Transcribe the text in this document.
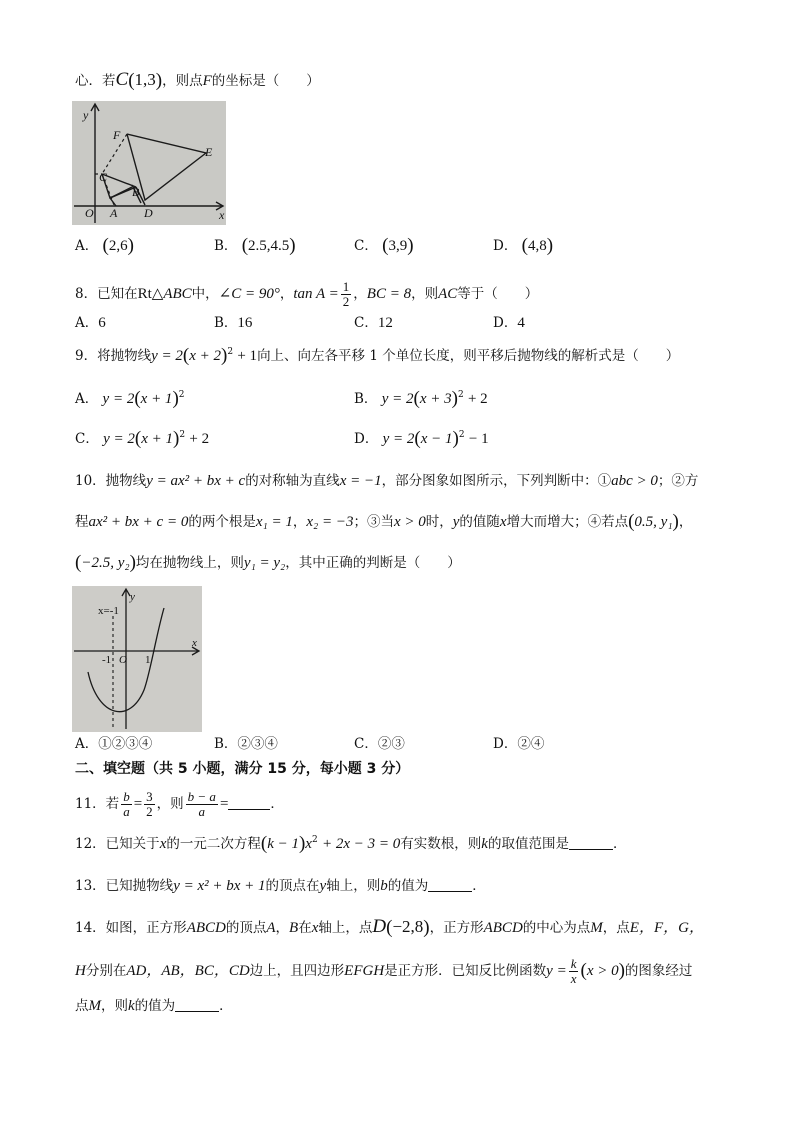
心．若C(1,3)，则点F的坐标是（　　）
y
x
O A
B
C
D
E
F
A． (2,6)	B． (2.5,4.5)	C． (3,9)	D． (4,8)
8．已知在Rt△ABC中，∠C = 90°，$\tan A = \frac{1}{2}$ ，BC = 8，则AC等于（　　）
A．6	B．16	C．12	D．4
9．将抛物线$y = 2(x + 2)^2 + 1$向上、向左各平移 1 个单位长度，则平移后抛物线的解析式是（　　）
A． $y = 2(x + 1)^2$	B． $y = 2(x + 3)^2 + 2$
C． $y = 2(x + 1)^2 + 2$	D． $y = 2(x - 1)^2 - 1$
10．抛物线y = ax² + bx + c的对称轴为直线x = −1，部分图象如图所示，下列判断中：①abc > 0；②方
程ax² + bx + c = 0的两个根是x₁ = 1，x₂ = −3；③当x > 0时，y的值随x增大而增大；④若点(0.5, y₁)，
(−2.5, y₂)均在抛物线上，则y₁ = y₂，其中正确的判断是（　　）
x=-1
y
x
-1 O 1
A．①②③④	B．②③④	C．②③	D．②④
二、填空题（共 5 小题，满分 15 分，每小题 3 分）
11．若 $\frac{b}{a} = \frac{3}{2}$ ，则 $\frac{b - a}{a}$ =	．
12．已知关于x的一元二次方程$(k - 1)x^2 + 2x - 3 = 0$有实数根，则k的取值范围是	．
13．已知抛物线y = x² + bx + 1的顶点在y轴上，则b的值为	．
14．如图，正方形ABCD的顶点A，B在x轴上，点D(−2,8)，正方形ABCD的中心为点M，点E，F，G，
H分别在AD，AB，BC，CD边上，且四边形EFGH是正方形．已知反比例函数$y = \frac{k}{x} (x > 0)$的图象经过
点M，则k的值为	．
